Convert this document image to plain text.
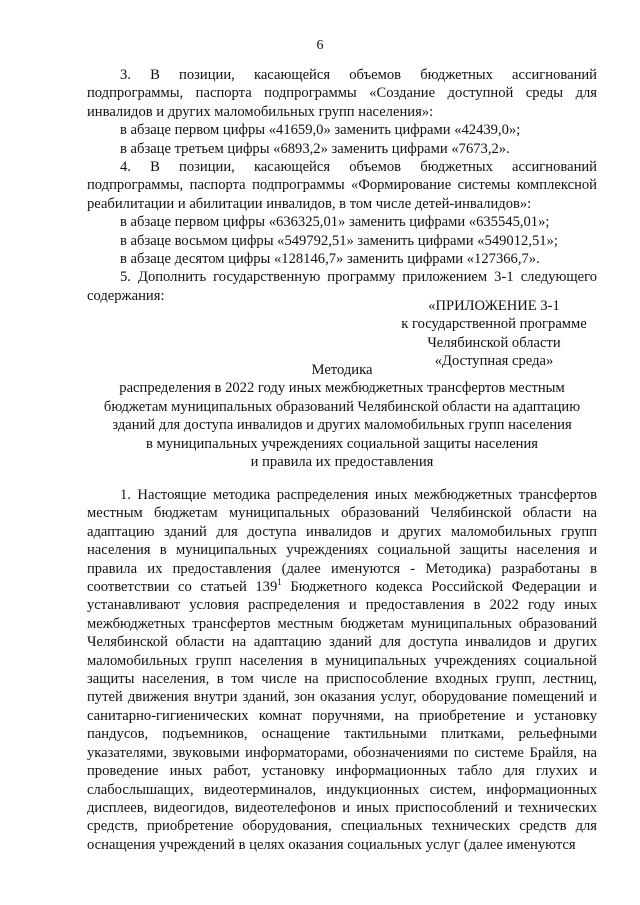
6

3. В позиции, касающейся объемов бюджетных ассигнований подпрограммы, паспорта подпрограммы «Создание доступной среды для инвалидов и других маломобильных групп населения»:

в абзаце первом цифры «41659,0» заменить цифрами «42439,0»;

в абзаце третьем цифры «6893,2» заменить цифрами «7673,2».

4. В позиции, касающейся объемов бюджетных ассигнований подпрограммы, паспорта подпрограммы «Формирование системы комплексной реабилитации и абилитации инвалидов, в том числе детей-инвалидов»:

в абзаце первом цифры «636325,01» заменить цифрами «635545,01»;

в абзаце восьмом цифры «549792,51» заменить цифрами «549012,51»;

в абзаце десятом цифры «128146,7» заменить цифрами «127366,7».

5. Дополнить государственную программу приложением 3-1 следующего содержания:

«ПРИЛОЖЕНИЕ 3-1
к государственной программе
Челябинской области
«Доступная среда»
Методика
распределения в 2022 году иных межбюджетных трансфертов местным
бюджетам муниципальных образований Челябинской области на адаптацию
зданий для доступа инвалидов и других маломобильных групп населения
в муниципальных учреждениях социальной защиты населения
и правила их предоставления

1. Настоящие методика распределения иных межбюджетных трансфертов местным бюджетам муниципальных образований Челябинской области на адаптацию зданий для доступа инвалидов и других маломобильных групп населения в муниципальных учреждениях социальной защиты населения и правила их предоставления (далее именуются - Методика) разработаны в соответствии со статьей $139^1$ Бюджетного кодекса Российской Федерации и устанавливают условия распределения и предоставления в 2022 году иных межбюджетных трансфертов местным бюджетам муниципальных образований Челябинской области на адаптацию зданий для доступа инвалидов и других маломобильных групп населения в муниципальных учреждениях социальной защиты населения, в том числе на приспособление входных групп, лестниц, путей движения внутри зданий, зон оказания услуг, оборудование помещений и санитарно-гигиенических комнат поручнями, на приобретение и установку пандусов, подъемников, оснащение тактильными плитками, рельефными указателями, звуковыми информаторами, обозначениями по системе Брайля, на проведение иных работ, установку информационных табло для глухих и слабослышащих, видеотерминалов, индукционных систем, информационных дисплеев, видеогидов, видеотелефонов и иных приспособлений и технических средств, приобретение оборудования, специальных технических средств для оснащения учреждений в целях оказания социальных услуг (далее именуются
